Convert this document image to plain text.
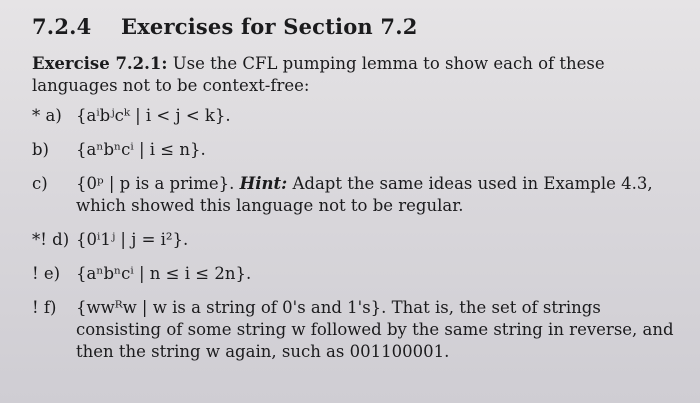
7.2.4 Exercises for Section 7.2

Exercise 7.2.1: Use the CFL pumping lemma to show each of these languages not to be context-free:

* a) {aⁱbʲcᵏ | i < j < k}.
b)	{aⁿbⁿcⁱ | i ≤ n}.
c)	{0ᵖ | p is a prime}. Hint: Adapt the same ideas used in Example 4.3, which showed this language not to be regular.
*! d) {0ⁱ1ʲ | j = i²}.
! e) {aⁿbⁿcⁱ | n ≤ i ≤ 2n}.
! f)	{wwᴿw | w is a string of 0's and 1's}. That is, the set of strings consisting of some string w followed by the same string in reverse, and then the string w again, such as 001100001.
